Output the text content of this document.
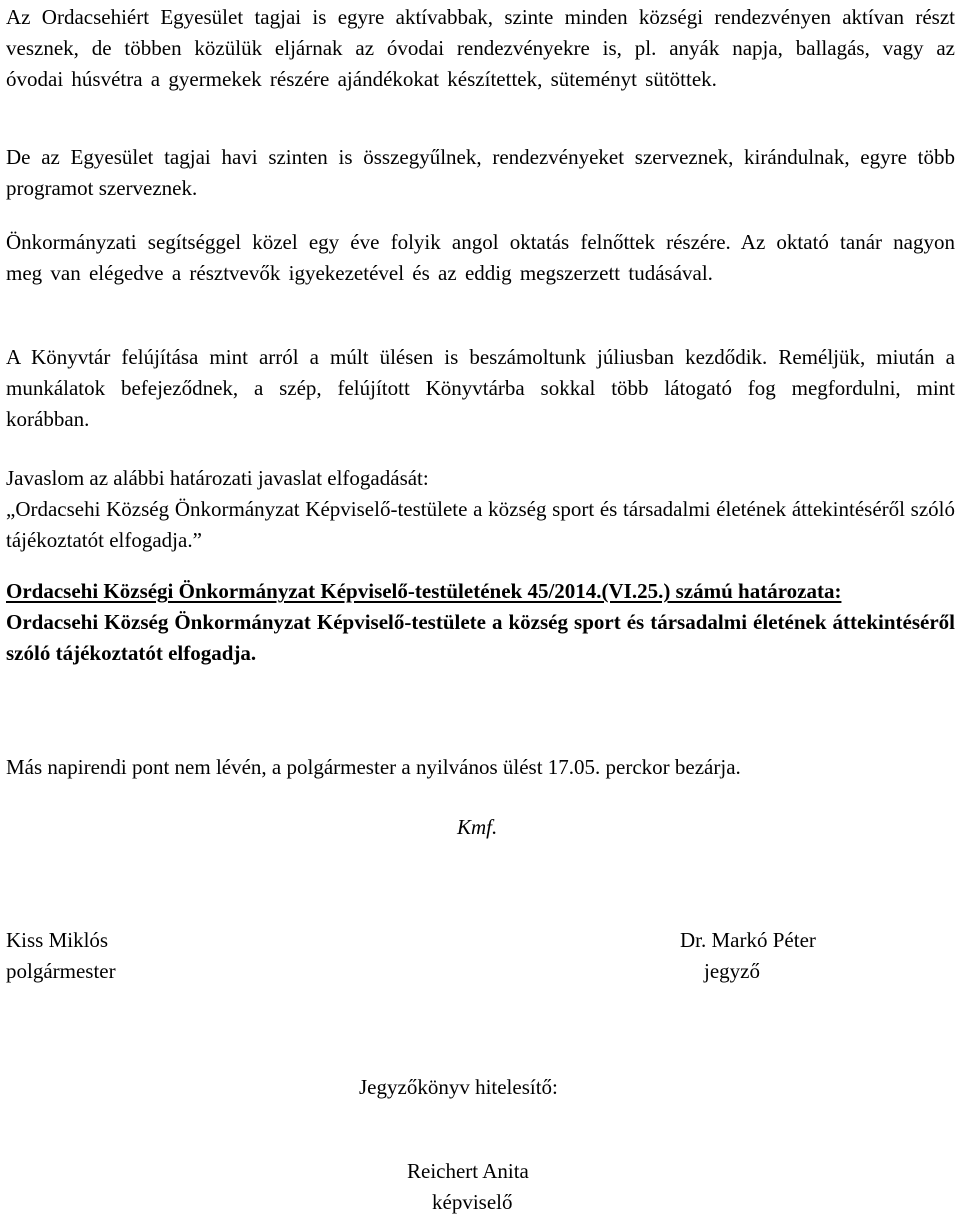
Az Ordacsehiért Egyesület tagjai is egyre aktívabbak, szinte minden községi rendezvényen aktívan részt vesznek, de többen közülük eljárnak az óvodai rendezvényekre is, pl. anyák napja, ballagás, vagy az óvodai húsvétra a gyermekek részére ajándékokat készítettek, süteményt sütöttek.

De az Egyesület tagjai havi szinten is összegyűlnek, rendezvényeket szerveznek, kirándulnak, egyre több programot szerveznek.

Önkormányzati segítséggel közel egy éve folyik angol oktatás felnőttek részére. Az oktató tanár nagyon meg van elégedve a résztvevők igyekezetével és az eddig megszerzett tudásával.

A Könyvtár felújítása mint arról a múlt ülésen is beszámoltunk júliusban kezdődik. Reméljük, miután a munkálatok befejeződnek, a szép, felújított Könyvtárba sokkal több látogató fog megfordulni, mint korábban.

Javaslom az alábbi határozati javaslat elfogadását:

„Ordacsehi Község Önkormányzat Képviselő-testülete a község sport és társadalmi életének áttekintéséről szóló tájékoztatót elfogadja.”

Ordacsehi Községi Önkormányzat Képviselő-testületének 45/2014.(VI.25.) számú határozata:

Ordacsehi Község Önkormányzat Képviselő-testülete a község sport és társadalmi életének áttekintéséről szóló tájékoztatót elfogadja.

Más napirendi pont nem lévén, a polgármester a nyilvános ülést 17.05. perckor bezárja.

Kmf.

Kiss Miklós

polgármester

Dr. Markó Péter

jegyző

Jegyzőkönyv hitelesítő:

Reichert Anita

képviselő
